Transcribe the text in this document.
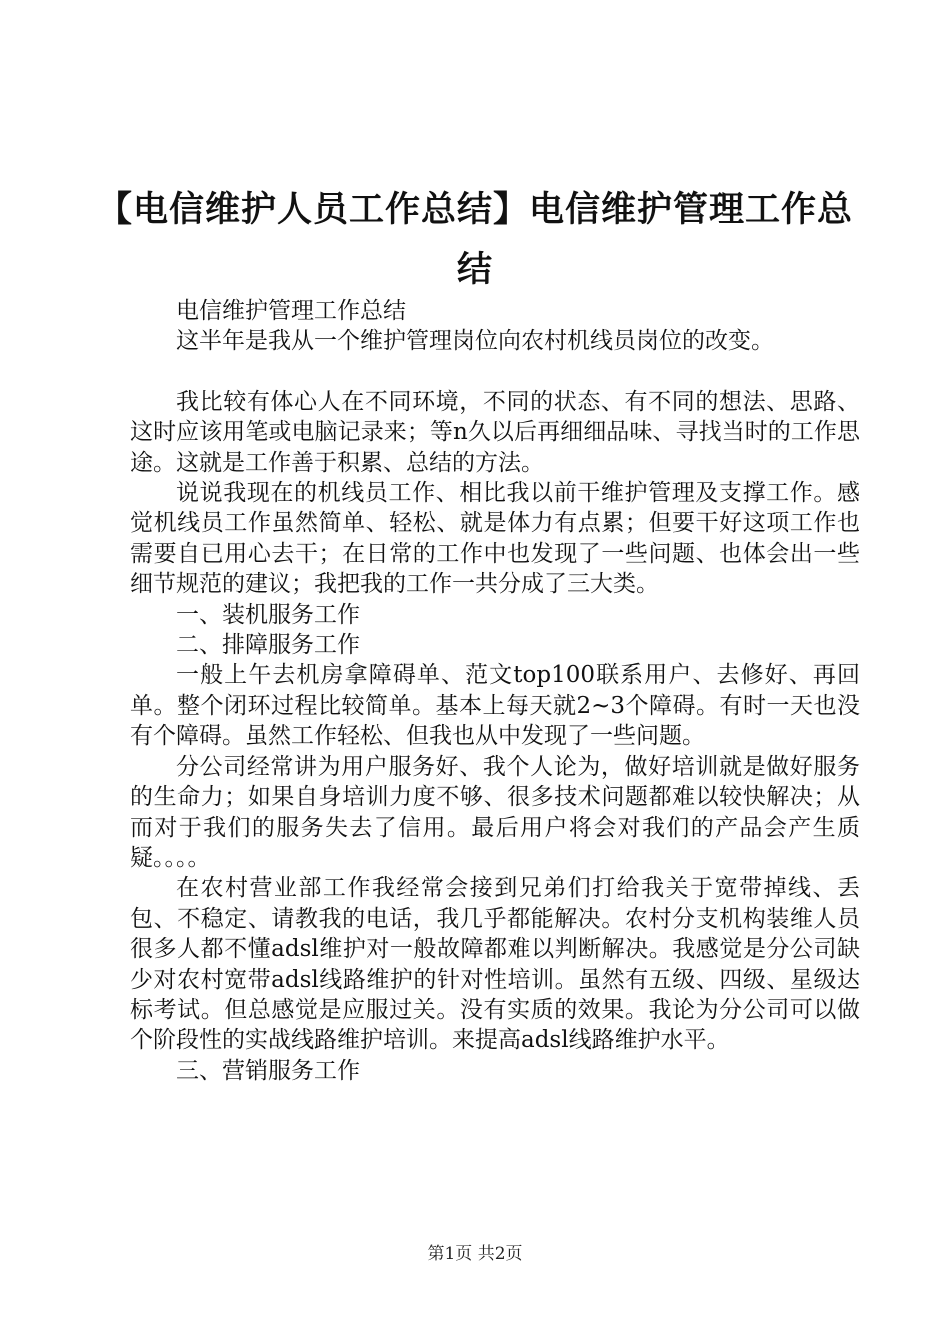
【电信维护人员工作总结】电信维护管理工作总结

电信维护管理工作总结

这半年是我从一个维护管理岗位向农村机线员岗位的改变。

我比较有体心人在不同环境，不同的状态、有不同的想法、思路、这时应该用笔或电脑记录来；等n久以后再细细品味、寻找当时的工作思途。这就是工作善于积累、总结的方法。

说说我现在的机线员工作、相比我以前干维护管理及支撑工作。感觉机线员工作虽然简单、轻松、就是体力有点累；但要干好这项工作也需要自已用心去干；在日常的工作中也发现了一些问题、也体会出一些细节规范的建议；我把我的工作一共分成了三大类。

一、装机服务工作

二、排障服务工作

一般上午去机房拿障碍单、范文top100联系用户、去修好、再回单。整个闭环过程比较简单。基本上每天就2~3个障碍。有时一天也没有个障碍。虽然工作轻松、但我也从中发现了一些问题。

分公司经常讲为用户服务好、我个人论为，做好培训就是做好服务的生命力；如果自身培训力度不够、很多技术问题都难以较快解决；从而对于我们的服务失去了信用。最后用户将会对我们的产品会产生质疑。。。。

在农村营业部工作我经常会接到兄弟们打给我关于宽带掉线、丢包、不稳定、请教我的电话，我几乎都能解决。农村分支机构装维人员很多人都不懂adsl维护对一般故障都难以判断解决。我感觉是分公司缺少对农村宽带adsl线路维护的针对性培训。虽然有五级、四级、星级达标考试。但总感觉是应服过关。没有实质的效果。我论为分公司可以做个阶段性的实战线路维护培训。来提高adsl线路维护水平。

三、营销服务工作

第1页 共2页
